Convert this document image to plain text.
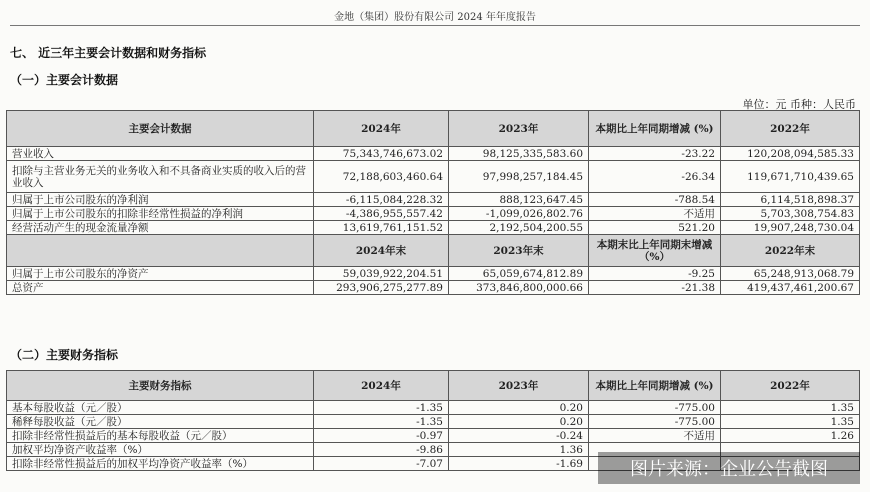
金地（集团）股份有限公司 2024 年年度报告
七、 近三年主要会计数据和财务指标
（一）主要会计数据
单位：元 币种：人民币
主要会计数据	2024年	2023年	本期比上年同期增减 (%)	2022年
营业收入	75,343,746,673.02	98,125,335,583.60	-23.22	120,208,094,585.33
扣除与主营业务无关的业务收入和不具备商业实质的收入后的营业收入	72,188,603,460.64	97,998,257,184.45	-26.34	119,671,710,439.65
归属于上市公司股东的净利润	-6,115,084,228.32	888,123,647.45	-788.54	6,114,518,898.37
归属于上市公司股东的扣除非经常性损益的净利润	-4,386,955,557.42	-1,099,026,802.76	不适用	5,703,308,754.83
经营活动产生的现金流量净额	13,619,761,151.52	2,192,504,200.55	521.20	19,907,248,730.04
	2024年末	2023年末	本期末比上年同期末增减（%）	2022年末
归属于上市公司股东的净资产	59,039,922,204.51	65,059,674,812.89	-9.25	65,248,913,068.79
总资产	293,906,275,277.89	373,846,800,000.66	-21.38	419,437,461,200.67
（二）主要财务指标
主要财务指标	2024年	2023年	本期比上年同期增减 (%)	2022年
基本每股收益（元／股）	-1.35	0.20	-775.00	1.35
稀释每股收益（元／股）	-1.35	0.20	-775.00	1.35
扣除非经常性损益后的基本每股收益（元／股）	-0.97	-0.24	不适用	1.26
加权平均净资产收益率（%）	-9.86	1.36		
扣除非经常性损益后的加权平均净资产收益率（%）	-7.07	-1.69			图片来源：企业公告截图
